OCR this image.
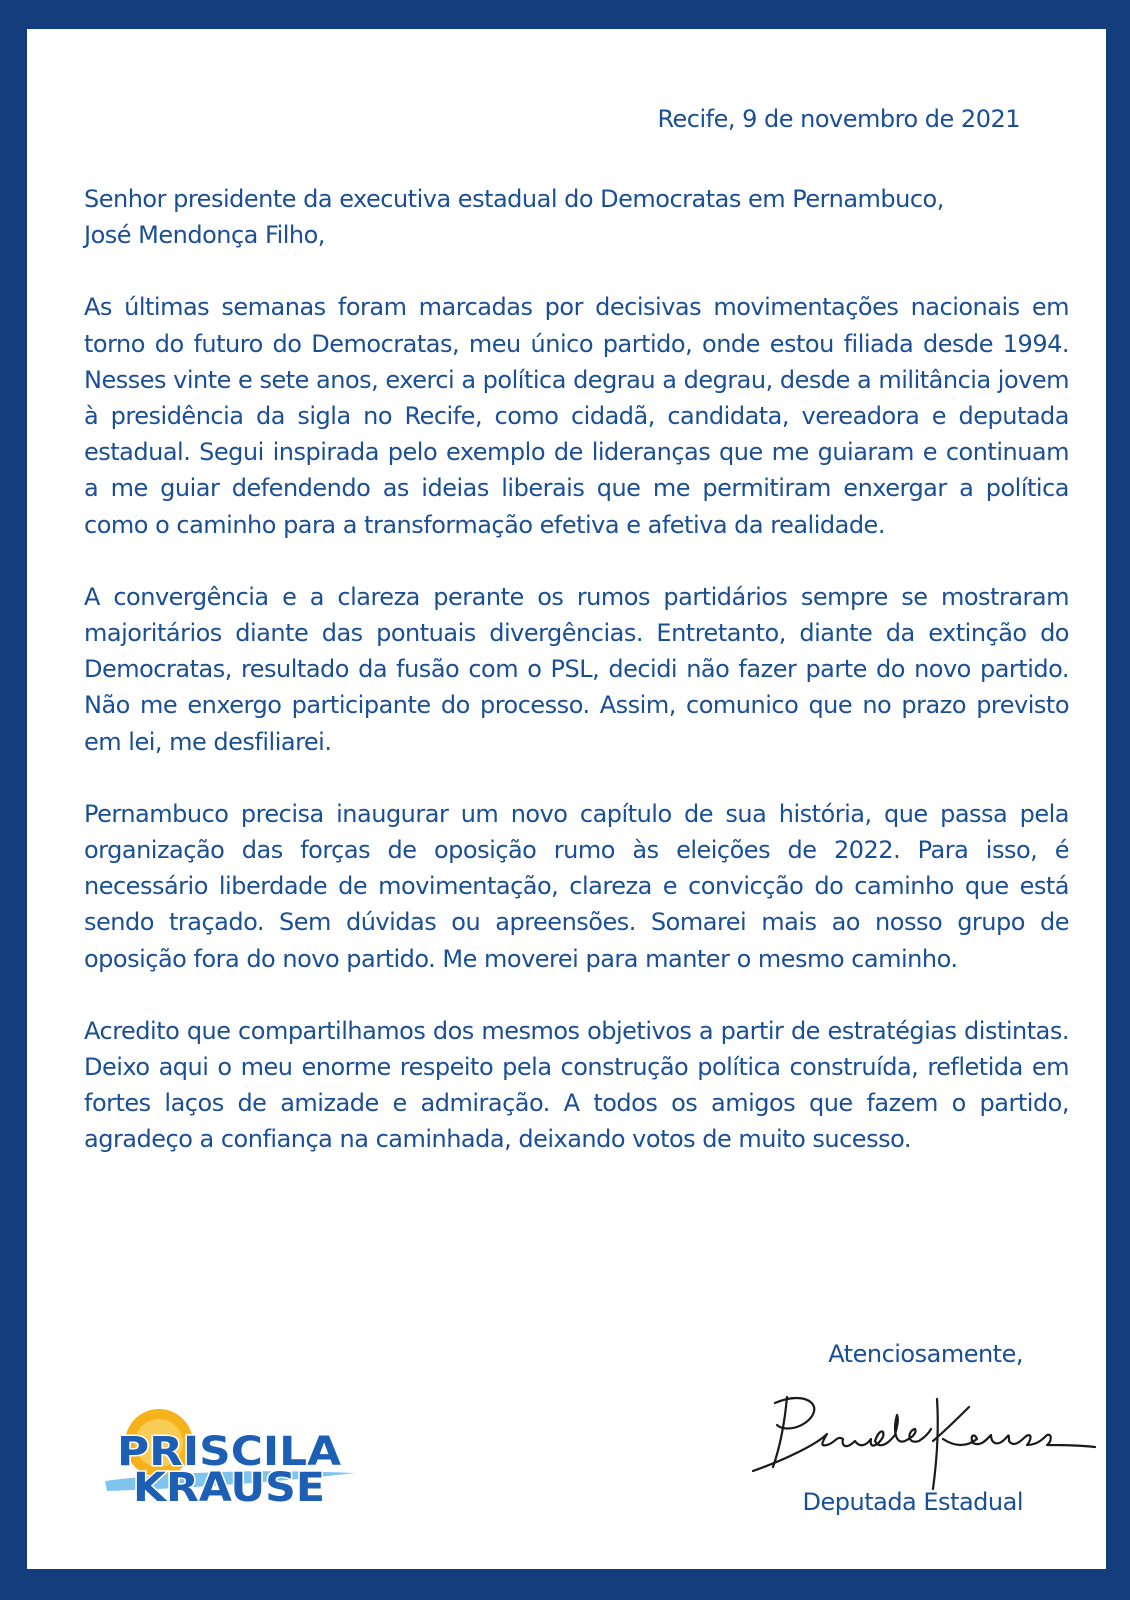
Recife, 9 de novembro de 2021

Senhor presidente da executiva estadual do Democratas em Pernambuco,
José Mendonça Filho,

As últimas semanas foram marcadas por decisivas movimentações nacionais em torno do futuro do Democratas, meu único partido, onde estou filiada desde 1994. Nesses vinte e sete anos, exerci a política degrau a degrau, desde a militância jovem à presidência da sigla no Recife, como cidadã, candidata, vereadora e deputada estadual. Segui inspirada pelo exemplo de lideranças que me guiaram e continuam a me guiar defendendo as ideias liberais que me permitiram enxergar a política como o caminho para a transformação efetiva e afetiva da realidade.

A convergência e a clareza perante os rumos partidários sempre se mostraram majoritários diante das pontuais divergências. Entretanto, diante da extinção do Democratas, resultado da fusão com o PSL, decidi não fazer parte do novo partido. Não me enxergo participante do processo. Assim, comunico que no prazo previsto em lei, me desfiliarei.

Pernambuco precisa inaugurar um novo capítulo de sua história, que passa pela organização das forças de oposição rumo às eleições de 2022. Para isso, é necessário liberdade de movimentação, clareza e convicção do caminho que está sendo traçado. Sem dúvidas ou apreensões. Somarei mais ao nosso grupo de oposição fora do novo partido. Me moverei para manter o mesmo caminho.

Acredito que compartilhamos dos mesmos objetivos a partir de estratégias distintas. Deixo aqui o meu enorme respeito pela construção política construída, refletida em fortes laços de amizade e admiração. A todos os amigos que fazem o partido, agradeço a confiança na caminhada, deixando votos de muito sucesso.

Atenciosamente,
PRISCILA
KRAUSE	Deputada Estadual
